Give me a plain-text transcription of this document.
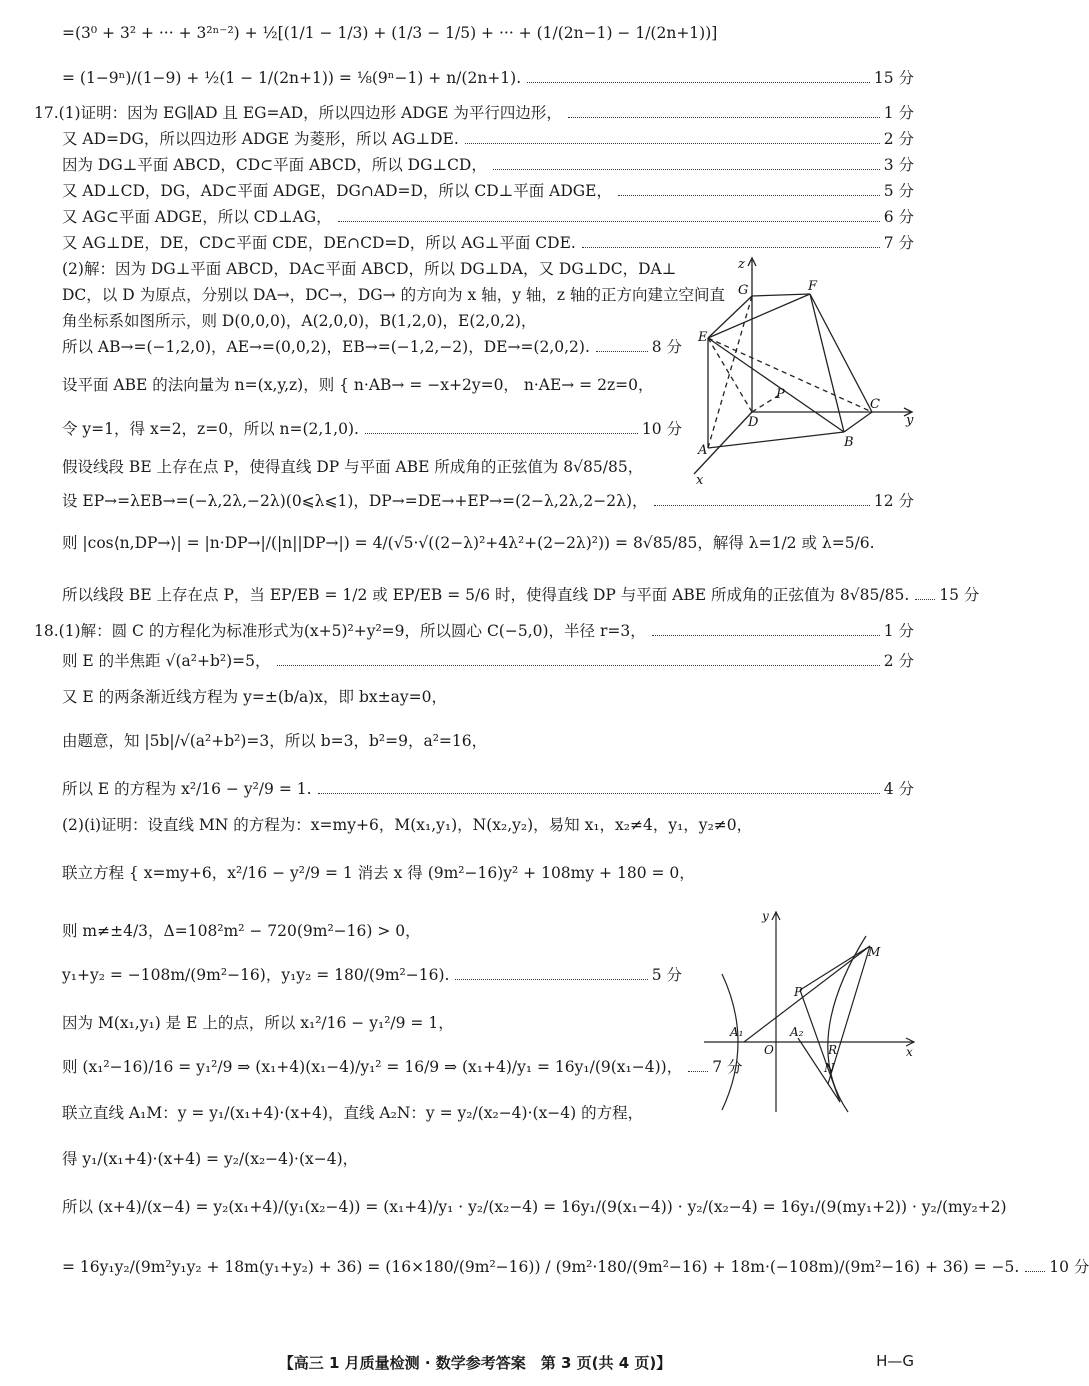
=(3⁰ + 3² + ··· + 3²ⁿ⁻²) + ½[(1/1 − 1/3) + (1/3 − 1/5) + ··· + (1/(2n−1) − 1/(2n+1))]
= (1−9ⁿ)/(1−9) + ½(1 − 1/(2n+1)) = ⅛(9ⁿ−1) + n/(2n+1).	15 分
17.(1)证明：因为 EG∥AD 且 EG=AD，所以四边形 ADGE 为平行四边形，	1 分
又 AD=DG，所以四边形 ADGE 为菱形，所以 AG⊥DE.	2 分
因为 DG⊥平面 ABCD，CD⊂平面 ABCD，所以 DG⊥CD，	3 分
又 AD⊥CD，DG，AD⊂平面 ADGE，DG∩AD=D，所以 CD⊥平面 ADGE，	5 分
又 AG⊂平面 ADGE，所以 CD⊥AG，	6 分
又 AG⊥DE，DE，CD⊂平面 CDE，DE∩CD=D，所以 AG⊥平面 CDE.	7 分
(2)解：因为 DG⊥平面 ABCD，DA⊂平面 ABCD，所以 DG⊥DA，又 DG⊥DC，DA⊥
DC，以 D 为原点，分别以 DA→，DC→，DG→ 的方向为 x 轴，y 轴，z 轴的正方向建立空间直
角坐标系如图所示，则 D(0,0,0)，A(2,0,0)，B(1,2,0)，E(2,0,2)，
所以 AB→=(−1,2,0)，AE→=(0,0,2)，EB→=(−1,2,−2)，DE→=(2,0,2).	8 分
设平面 ABE 的法向量为 n=(x,y,z)，则 { n·AB→ = −x+2y=0， n·AE→ = 2z=0，
令 y=1，得 x=2，z=0，所以 n=(2,1,0).	10 分
假设线段 BE 上存在点 P，使得直线 DP 与平面 ABE 所成角的正弦值为 8√85/85，
设 EP→=λEB→=(−λ,2λ,−2λ)(0⩽λ⩽1)，DP→=DE→+EP→=(2−λ,2λ,2−2λ)，	12 分
则 |cos⟨n,DP→⟩| = |n·DP→|/(|n||DP→|) = 4/(√5·√((2−λ)²+4λ²+(2−2λ)²)) = 8√85/85，解得 λ=1/2 或 λ=5/6.
所以线段 BE 上存在点 P，当 EP/EB = 1/2 或 EP/EB = 5/6 时，使得直线 DP 与平面 ABE 所成角的正弦值为 8√85/85. 15 分
18.(1)解：圆 C 的方程化为标准形式为(x+5)²+y²=9，所以圆心 C(−5,0)，半径 r=3，	1 分
则 E 的半焦距 √(a²+b²)=5，	2 分
又 E 的两条渐近线方程为 y=±(b/a)x，即 bx±ay=0，
由题意，知 |5b|/√(a²+b²)=3，所以 b=3，b²=9，a²=16，
所以 E 的方程为 x²/16 − y²/9 = 1.	4 分
(2)(ⅰ)证明：设直线 MN 的方程为：x=my+6，M(x₁,y₁)，N(x₂,y₂)，易知 x₁，x₂≠4，y₁，y₂≠0，
联立方程 { x=my+6，x²/16 − y²/9 = 1 消去 x 得 (9m²−16)y² + 108my + 180 = 0，
则 m≠±4/3，Δ=108²m² − 720(9m²−16) > 0，
y₁+y₂ = −108m/(9m²−16)，y₁y₂ = 180/(9m²−16).	5 分
因为 M(x₁,y₁) 是 E 上的点，所以 x₁²/16 − y₁²/9 = 1，
则 (x₁²−16)/16 = y₁²/9 ⇒ (x₁+4)(x₁−4)/y₁² = 16/9 ⇒ (x₁+4)/y₁ = 16y₁/(9(x₁−4))， 7 分
联立直线 A₁M：y = y₁/(x₁+4)·(x+4)，直线 A₂N：y = y₂/(x₂−4)·(x−4) 的方程，
得 y₁/(x₁+4)·(x+4) = y₂/(x₂−4)·(x−4)，
所以 (x+4)/(x−4) = y₂(x₁+4)/(y₁(x₂−4)) = (x₁+4)/y₁ · y₂/(x₂−4) = 16y₁/(9(x₁−4)) · y₂/(x₂−4) = 16y₁/(9(my₁+2)) · y₂/(my₂+2)
= 16y₁y₂/(9m²y₁y₂ + 18m(y₁+y₂) + 36) = (16×180/(9m²−16)) / (9m²·180/(9m²−16) + 18m·(−108m)/(9m²−16) + 36) = −5. 10 分
z
G	F
E
P
D
C
y
B
A
x
y
M
P
A₁
O
A₂
R	x
N
【高三 1 月质量检测 · 数学参考答案　第 3 页(共 4 页)】	H—G
